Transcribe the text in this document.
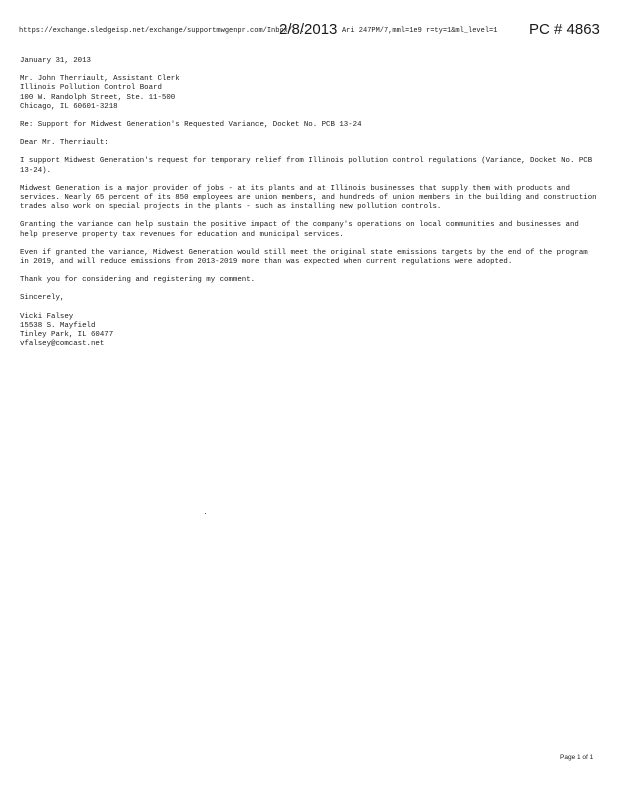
https://exchange.sledgeisp.net/exchange/supportmwgenpr.com/Inbox/...
2/8/2013 Ari 247PM/7,mml=1e9 r=ty=1&ml_level=1 PC # 4863

January 31, 2013

Mr. John Therriault, Assistant Clerk

Illinois Pollution Control Board

100 W. Randolph Street, Ste. 11-500

Chicago, IL 60601-3218

Re: Support for Midwest Generation's Requested Variance, Docket No. PCB 13-24

Dear Mr. Therriault:

I support Midwest Generation's request for temporary relief from Illinois pollution control regulations (Variance, Docket No. PCB 13-24).

Midwest Generation is a major provider of jobs - at its plants and at Illinois businesses that supply them with products and services. Nearly 65 percent of its 850 employees are union members, and hundreds of union members in the building and construction trades also work on special projects in the plants - such as installing new pollution controls.

Granting the variance can help sustain the positive impact of the company's operations on local communities and businesses and help preserve property tax revenues for education and municipal services.

Even if granted the variance, Midwest Generation would still meet the original state emissions targets by the end of the program in 2019, and will reduce emissions from 2013-2019 more than was expected when current regulations were adopted.

Thank you for considering and registering my comment.

Sincerely,

Vicki Falsey

15538 S. Mayfield

Tinley Park, IL 60477

vfalsey@comcast.net

Page 1 of 1
